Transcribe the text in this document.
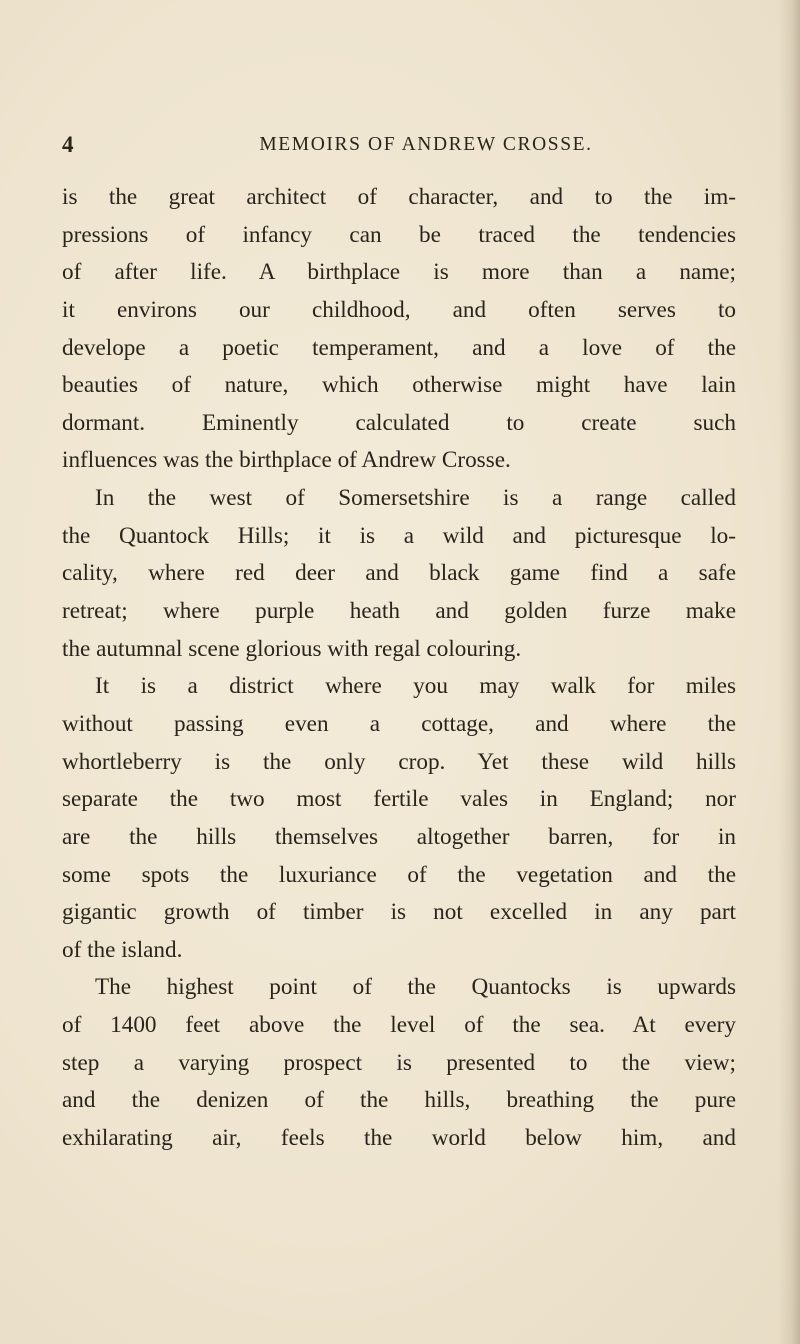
4	MEMOIRS OF ANDREW CROSSE.
is the great architect of character, and to the im-
pressions of infancy can be traced the tendencies
of after life. A birthplace is more than a name;
it environs our childhood, and often serves to
develope a poetic temperament, and a love of the
beauties of nature, which otherwise might have lain
dormant. Eminently calculated to create such
influences was the birthplace of Andrew Crosse.
In the west of Somersetshire is a range called
the Quantock Hills; it is a wild and picturesque lo-
cality, where red deer and black game find a safe
retreat; where purple heath and golden furze make
the autumnal scene glorious with regal colouring.
It is a district where you may walk for miles
without passing even a cottage, and where the
whortleberry is the only crop. Yet these wild hills
separate the two most fertile vales in England; nor
are the hills themselves altogether barren, for in
some spots the luxuriance of the vegetation and the
gigantic growth of timber is not excelled in any part
of the island.
The highest point of the Quantocks is upwards
of 1400 feet above the level of the sea. At every
step a varying prospect is presented to the view;
and the denizen of the hills, breathing the pure
exhilarating air, feels the world below him, and
